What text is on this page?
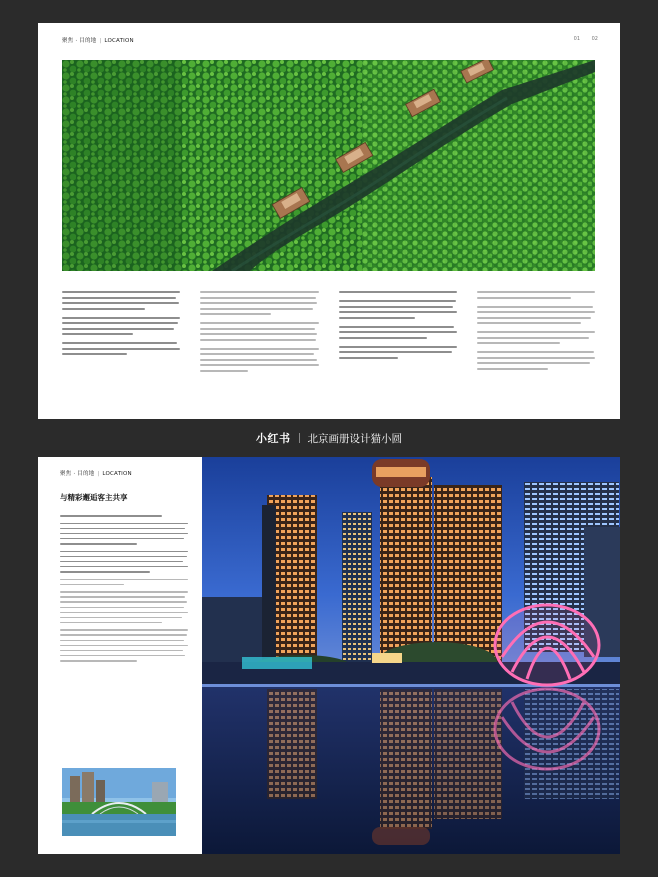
聚焦 · 目的地 | LOCATION	01 02
小红书 北京画册设计猫小圆
聚焦 · 目的地 | LOCATION
与精彩邂逅客主共享
